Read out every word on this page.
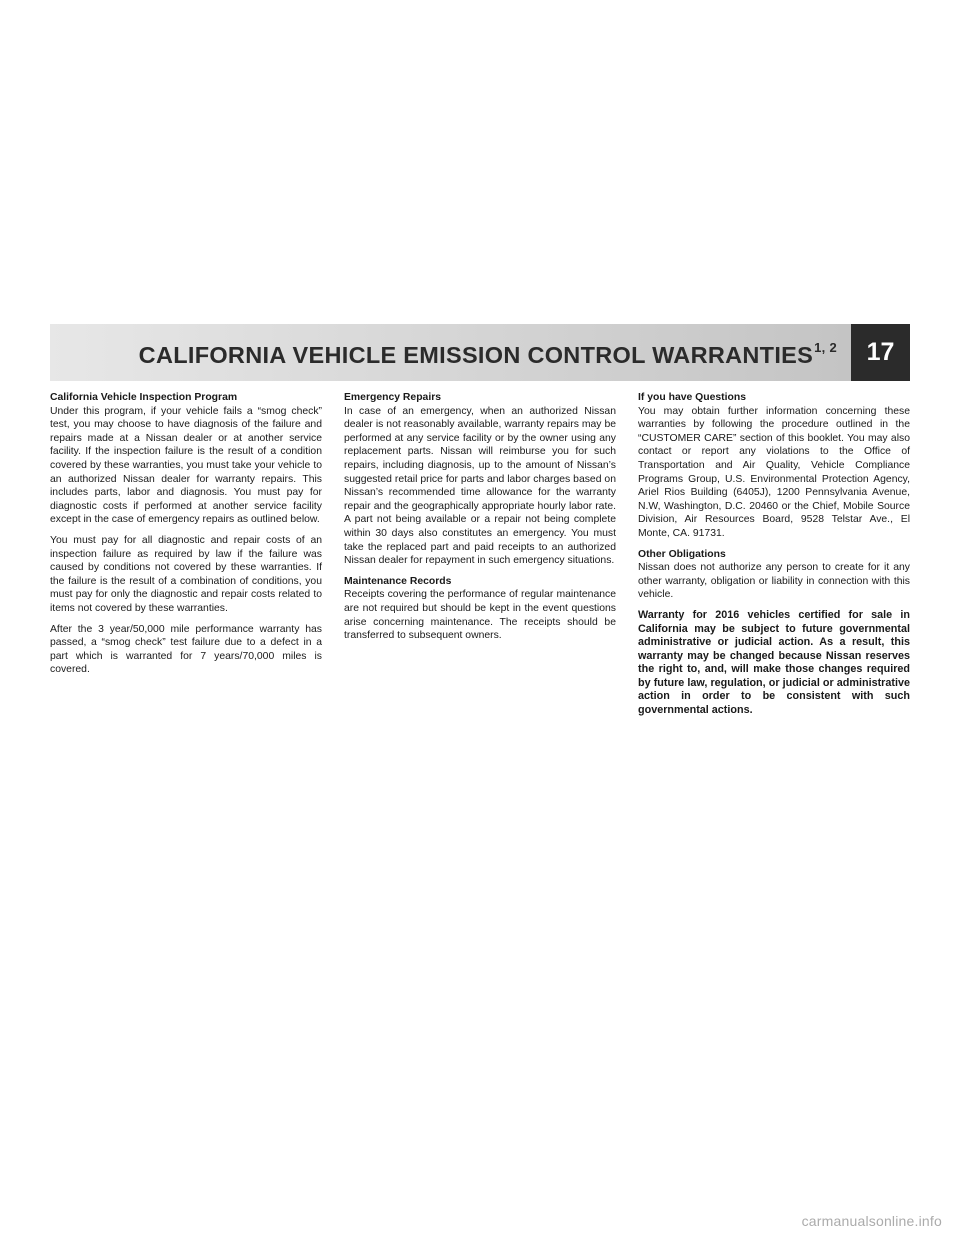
CALIFORNIA VEHICLE EMISSION CONTROL WARRANTIES$^{1, 2}$	17
California Vehicle Inspection Program
Under this program, if your vehicle fails a “smog check” test, you may choose to have diagnosis of the failure and repairs made at a Nissan dealer or at another service facility. If the inspection failure is the result of a condition covered by these warranties, you must take your vehicle to an authorized Nissan dealer for warranty repairs. This includes parts, labor and diagnosis. You must pay for diagnostic costs if performed at another service facility except in the case of emergency repairs as outlined below.

You must pay for all diagnostic and repair costs of an inspection failure as required by law if the failure was caused by conditions not covered by these warranties. If the failure is the result of a combination of conditions, you must pay for only the diagnostic and repair costs related to items not covered by these warranties.

After the 3 year/50,000 mile performance warranty has passed, a “smog check” test failure due to a defect in a part which is warranted for 7 years/70,000 miles is covered.

Emergency Repairs
In case of an emergency, when an authorized Nissan dealer is not reasonably available, warranty repairs may be performed at any service facility or by the owner using any replacement parts. Nissan will reimburse you for such repairs, including diagnosis, up to the amount of Nissan’s suggested retail price for parts and labor charges based on Nissan’s recommended time allowance for the warranty repair and the geographically appropriate hourly labor rate. A part not being available or a repair not being complete within 30 days also constitutes an emergency. You must take the replaced part and paid receipts to an authorized Nissan dealer for repayment in such emergency situations.
Maintenance Records
Receipts covering the performance of regular maintenance are not required but should be kept in the event questions arise concerning maintenance. The receipts should be transferred to subsequent owners.
If you have Questions
You may obtain further information concerning these warranties by following the procedure outlined in the “CUSTOMER CARE” section of this booklet. You may also contact or report any violations to the Office of Transportation and Air Quality, Vehicle Compliance Programs Group, U.S. Environmental Protection Agency, Ariel Rios Building (6405J), 1200 Pennsylvania Avenue, N.W, Washington, D.C. 20460 or the Chief, Mobile Source Division, Air Resources Board, 9528 Telstar Ave., El Monte, CA. 91731.
Other Obligations
Nissan does not authorize any person to create for it any other warranty, obligation or liability in connection with this vehicle.

Warranty for 2016 vehicles certified for sale in California may be subject to future governmental administrative or judicial action. As a result, this warranty may be changed because Nissan reserves the right to, and, will make those changes required by future law, regulation, or judicial or administrative action in order to be consistent with such governmental actions.

carmanualsonline.info
